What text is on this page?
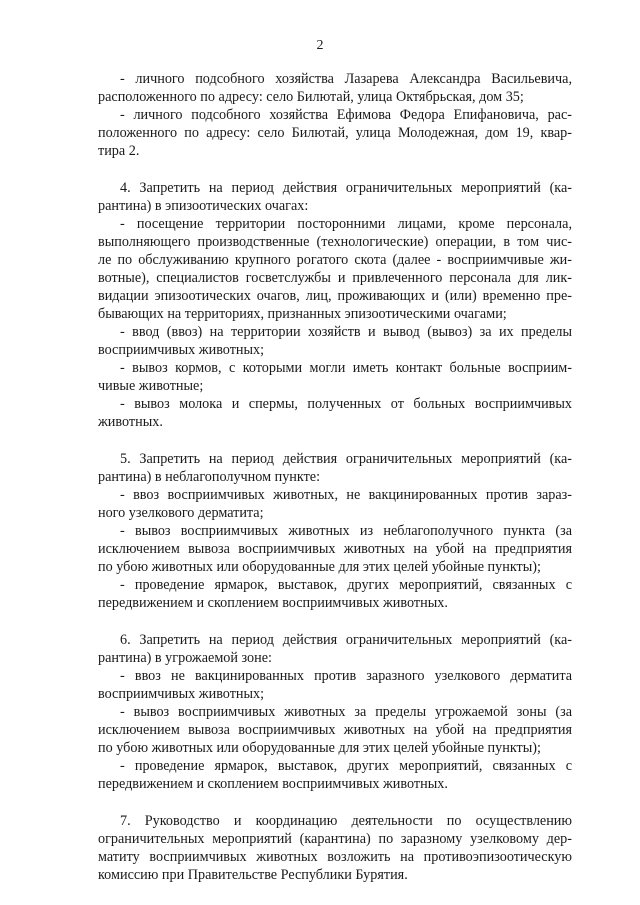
2
- личного подсобного хозяйства Лазарева Александра Васильевича,
расположенного по адресу: село Билютай, улица Октябрьская, дом 35;
- личного подсобного хозяйства Ефимова Федора Епифановича, рас-
положенного по адресу: село Билютай, улица Молодежная, дом 19, квар-
тира 2.
4. Запретить на период действия ограничительных мероприятий (ка-
рантина) в эпизоотических очагах:
- посещение территории посторонними лицами, кроме персонала,
выполняющего производственные (технологические) операции, в том чис-
ле по обслуживанию крупного рогатого скота (далее - восприимчивые жи-
вотные), специалистов госветслужбы и привлеченного персонала для лик-
видации эпизоотических очагов, лиц, проживающих и (или) временно пре-
бывающих на территориях, признанных эпизоотическими очагами;
- ввод (ввоз) на территории хозяйств и вывод (вывоз) за их пределы
восприимчивых животных;
- вывоз кормов, с которыми могли иметь контакт больные восприим-
чивые животные;
- вывоз молока и спермы, полученных от больных восприимчивых
животных.
5. Запретить на период действия ограничительных мероприятий (ка-
рантина) в неблагополучном пункте:
- ввоз восприимчивых животных, не вакцинированных против зараз-
ного узелкового дерматита;
- вывоз восприимчивых животных из неблагополучного пункта (за
исключением вывоза восприимчивых животных на убой на предприятия
по убою животных или оборудованные для этих целей убойные пункты);
- проведение ярмарок, выставок, других мероприятий, связанных с
передвижением и скоплением восприимчивых животных.
6. Запретить на период действия ограничительных мероприятий (ка-
рантина) в угрожаемой зоне:
- ввоз не вакцинированных против заразного узелкового дерматита
восприимчивых животных;
- вывоз восприимчивых животных за пределы угрожаемой зоны (за
исключением вывоза восприимчивых животных на убой на предприятия
по убою животных или оборудованные для этих целей убойные пункты);
- проведение ярмарок, выставок, других мероприятий, связанных с
передвижением и скоплением восприимчивых животных.
7. Руководство и координацию деятельности по осуществлению
ограничительных мероприятий (карантина) по заразному узелковому дер-
матиту восприимчивых животных возложить на противоэпизоотическую
комиссию при Правительстве Республики Бурятия.
